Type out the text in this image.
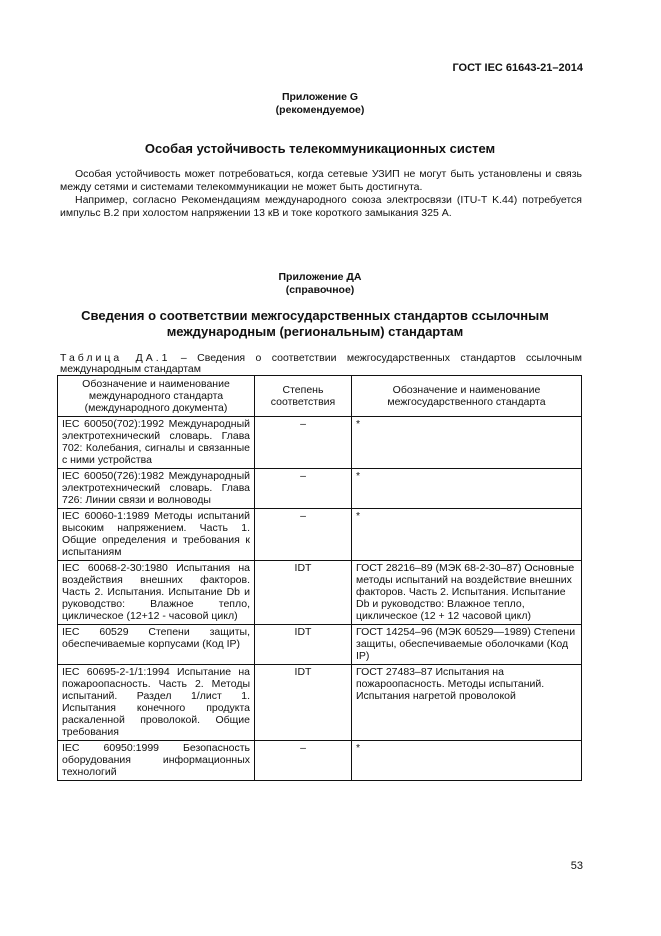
ГОСТ IEC 61643-21–2014
Приложение G
(рекомендуемое)
Особая устойчивость телекоммуникационных систем
Особая устойчивость может потребоваться, когда сетевые УЗИП не могут быть установлены и связь между сетями и системами телекоммуникации не может быть достигнута.
Например, согласно Рекомендациям международного союза электросвязи (ITU-T K.44) потребуется импульс B.2 при холостом напряжении 13 кВ и токе короткого замыкания 325 А.
Приложение ДА
(справочное)
Сведения о соответствии межгосударственных стандартов ссылочным международным (региональным) стандартам
Таблица ДА.1 – Сведения о соответствии межгосударственных стандартов ссылочным международным стандартам
Обозначение и наименование международного стандарта (международного документа)	Степень соответствия	Обозначение и наименование межгосударственного стандарта
IEC 60050(702):1992 Международный электротехнический словарь. Глава 702: Колебания, сигналы и связанные с ними устройства	–	*
IEC 60050(726):1982 Международный электротехнический словарь. Глава 726: Линии связи и волноводы	–	*
IEC 60060-1:1989 Методы испытаний высоким напряжением. Часть 1. Общие определения и требования к испытаниям	–	*
IEC 60068-2-30:1980 Испытания на воздействия внешних факторов. Часть 2. Испытания. Испытание Db и руководство: Влажное тепло, циклическое (12+12 - часовой цикл)	IDT	ГОСТ 28216–89 (МЭК 68-2-30–87) Основные методы испытаний на воздействие внешних факторов. Часть 2. Испытания. Испытание Db и руководство: Влажное тепло, циклическое (12 + 12 часовой цикл)
IEC 60529 Степени защиты, обеспечиваемые корпусами (Код IP)	IDT	ГОСТ 14254–96 (МЭК 60529—1989) Степени защиты, обеспечиваемые оболочками (Код IP)
IEC 60695-2-1/1:1994 Испытание на пожароопасность. Часть 2. Методы испытаний. Раздел 1/лист 1. Испытания конечного продукта раскаленной проволокой. Общие требования	IDT	ГОСТ 27483–87 Испытания на пожароопасность. Методы испытаний. Испытания нагретой проволокой
IEC 60950:1999 Безопасность оборудования информационных технологий	–	*
53
